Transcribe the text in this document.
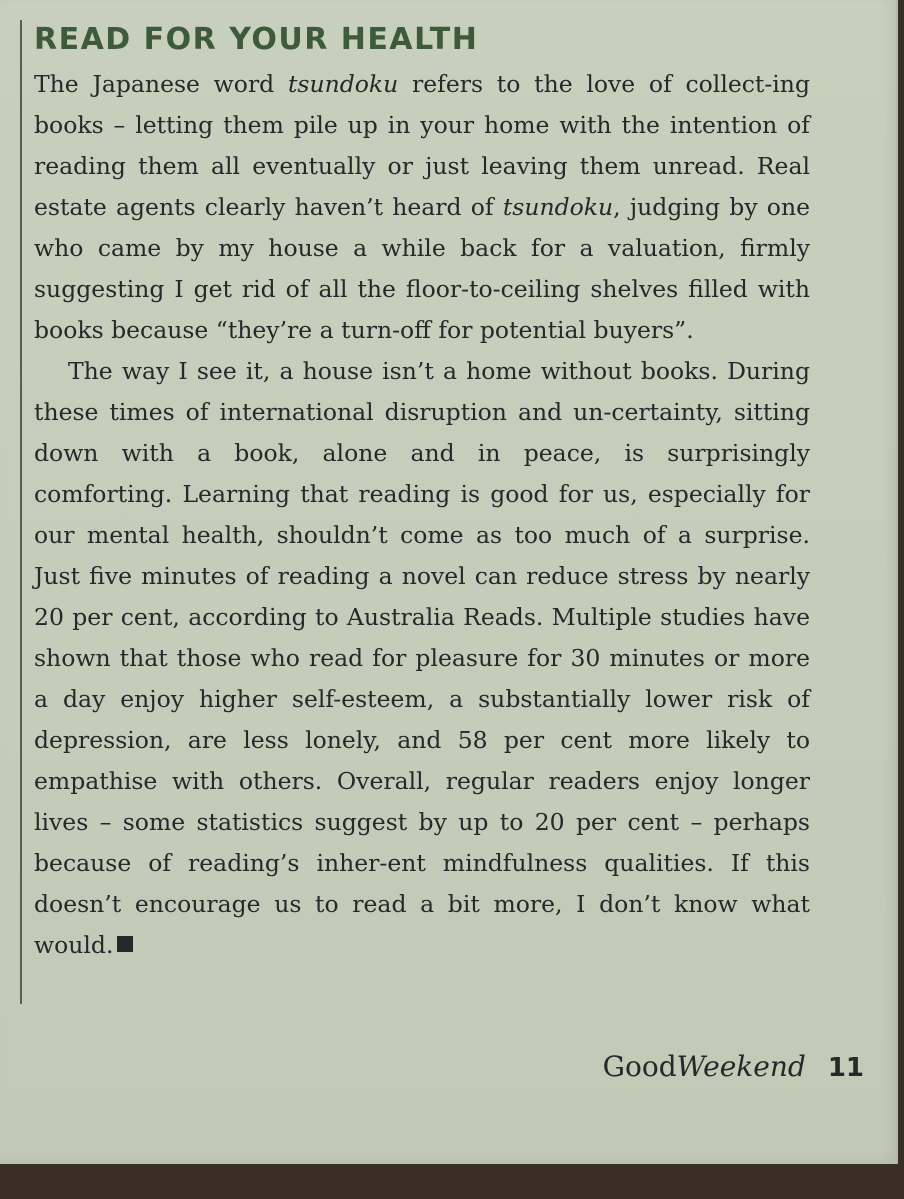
READ FOR YOUR HEALTH

The Japanese word tsundoku refers to the love of collect-ing books – letting them pile up in your home with the intention of reading them all eventually or just leaving them unread. Real estate agents clearly haven’t heard of tsundoku, judging by one who came by my house a while back for a valuation, firmly suggesting I get rid of all the floor-to-ceiling shelves filled with books because “they’re a turn-off for potential buyers”.

The way I see it, a house isn’t a home without books. During these times of international disruption and un-certainty, sitting down with a book, alone and in peace, is surprisingly comforting. Learning that reading is good for us, especially for our mental health, shouldn’t come as too much of a surprise. Just five minutes of reading a novel can reduce stress by nearly 20 per cent, according to Australia Reads. Multiple studies have shown that those who read for pleasure for 30 minutes or more a day enjoy higher self-esteem, a substantially lower risk of depression, are less lonely, and 58 per cent more likely to empathise with others. Overall, regular readers enjoy longer lives – some statistics suggest by up to 20 per cent – perhaps because of reading’s inher-ent mindfulness qualities. If this doesn’t encourage us to read a bit more, I don’t know what would.

GoodWeekend 11
